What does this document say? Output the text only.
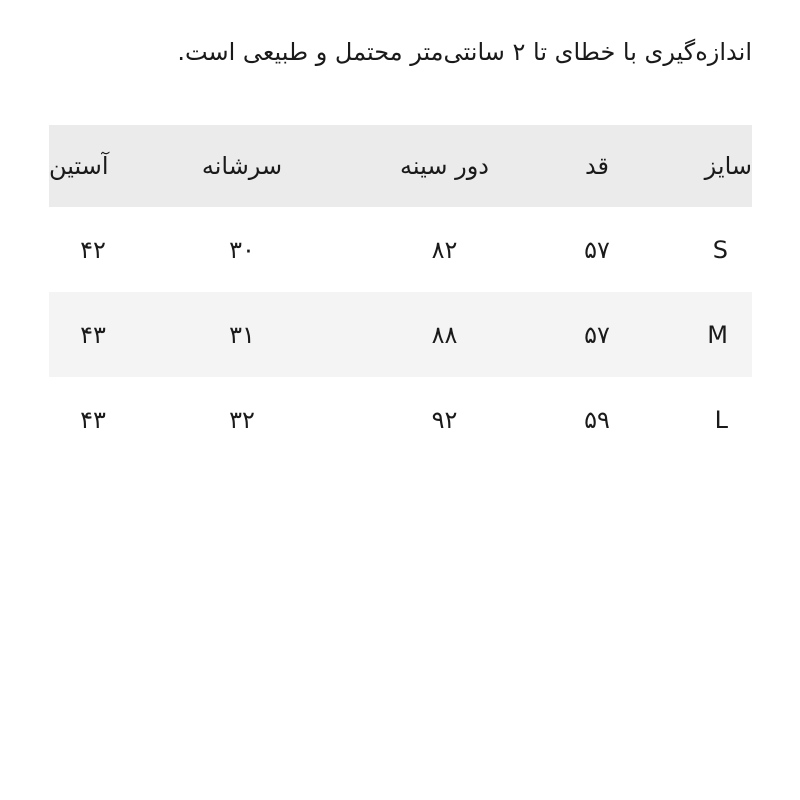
اندازه‌گیری با خطای تا ۲ سانتی‌متر محتمل و طبیعی است.
سایز	قد	دور سینه	سرشانه	آستین
S	۵۷	۸۲	۳۰	۴۲
M	۵۷	۸۸	۳۱	۴۳
L	۵۹	۹۲	۳۲	۴۳
